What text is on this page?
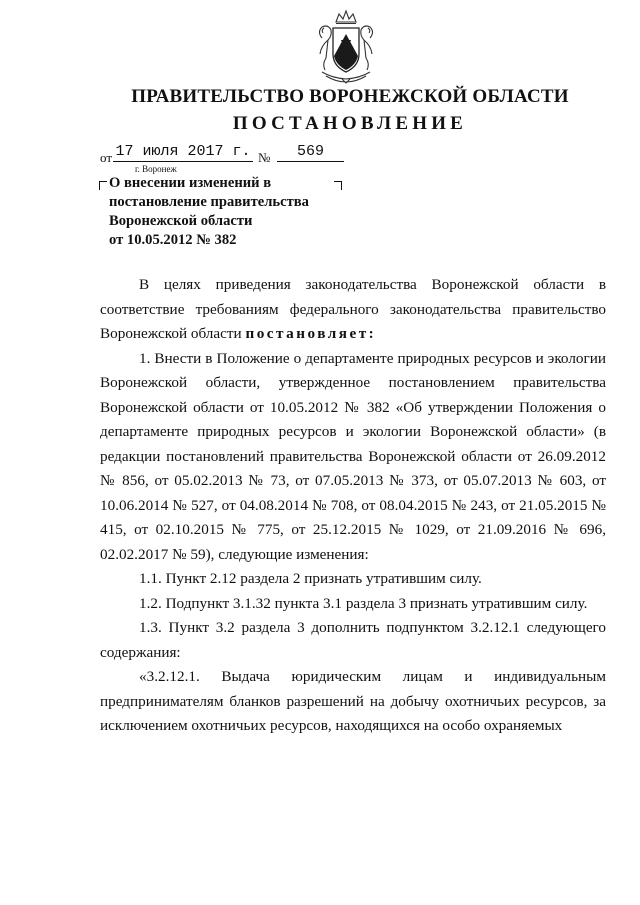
ПРАВИТЕЛЬСТВО ВОРОНЕЖСКОЙ ОБЛАСТИ
ПОСТАНОВЛЕНИЕ
от 17 июля 2017 г. №	569
г. Воронеж
О внесении изменений в
постановление правительства
Воронежской области
от 10.05.2012 № 382

В целях приведения законодательства Воронежской области в соответствие требованиям федерального законодательства правительство Воронежской области постановляет:

1. Внести в Положение о департаменте природных ресурсов и экологии Воронежской области, утвержденное постановлением правительства Воронежской области от 10.05.2012 № 382 «Об утверждении Положения о департаменте природных ресурсов и экологии Воронежской области» (в редакции постановлений правительства Воронежской области от 26.09.2012 № 856, от 05.02.2013 № 73, от 07.05.2013 № 373, от 05.07.2013 № 603, от 10.06.2014 № 527, от 04.08.2014 № 708, от 08.04.2015 № 243, от 21.05.2015 № 415, от 02.10.2015 № 775, от 25.12.2015 № 1029, от 21.09.2016 № 696, 02.02.2017 № 59), следующие изменения:

1.1. Пункт 2.12 раздела 2 признать утратившим силу.

1.2. Подпункт 3.1.32 пункта 3.1 раздела 3 признать утратившим силу.

1.3. Пункт 3.2 раздела 3 дополнить подпунктом 3.2.12.1 следующего содержания:

«3.2.12.1. Выдача юридическим лицам и индивидуальным предпринимателям бланков разрешений на добычу охотничьих ресурсов, за исключением охотничьих ресурсов, находящихся на особо охраняемых
